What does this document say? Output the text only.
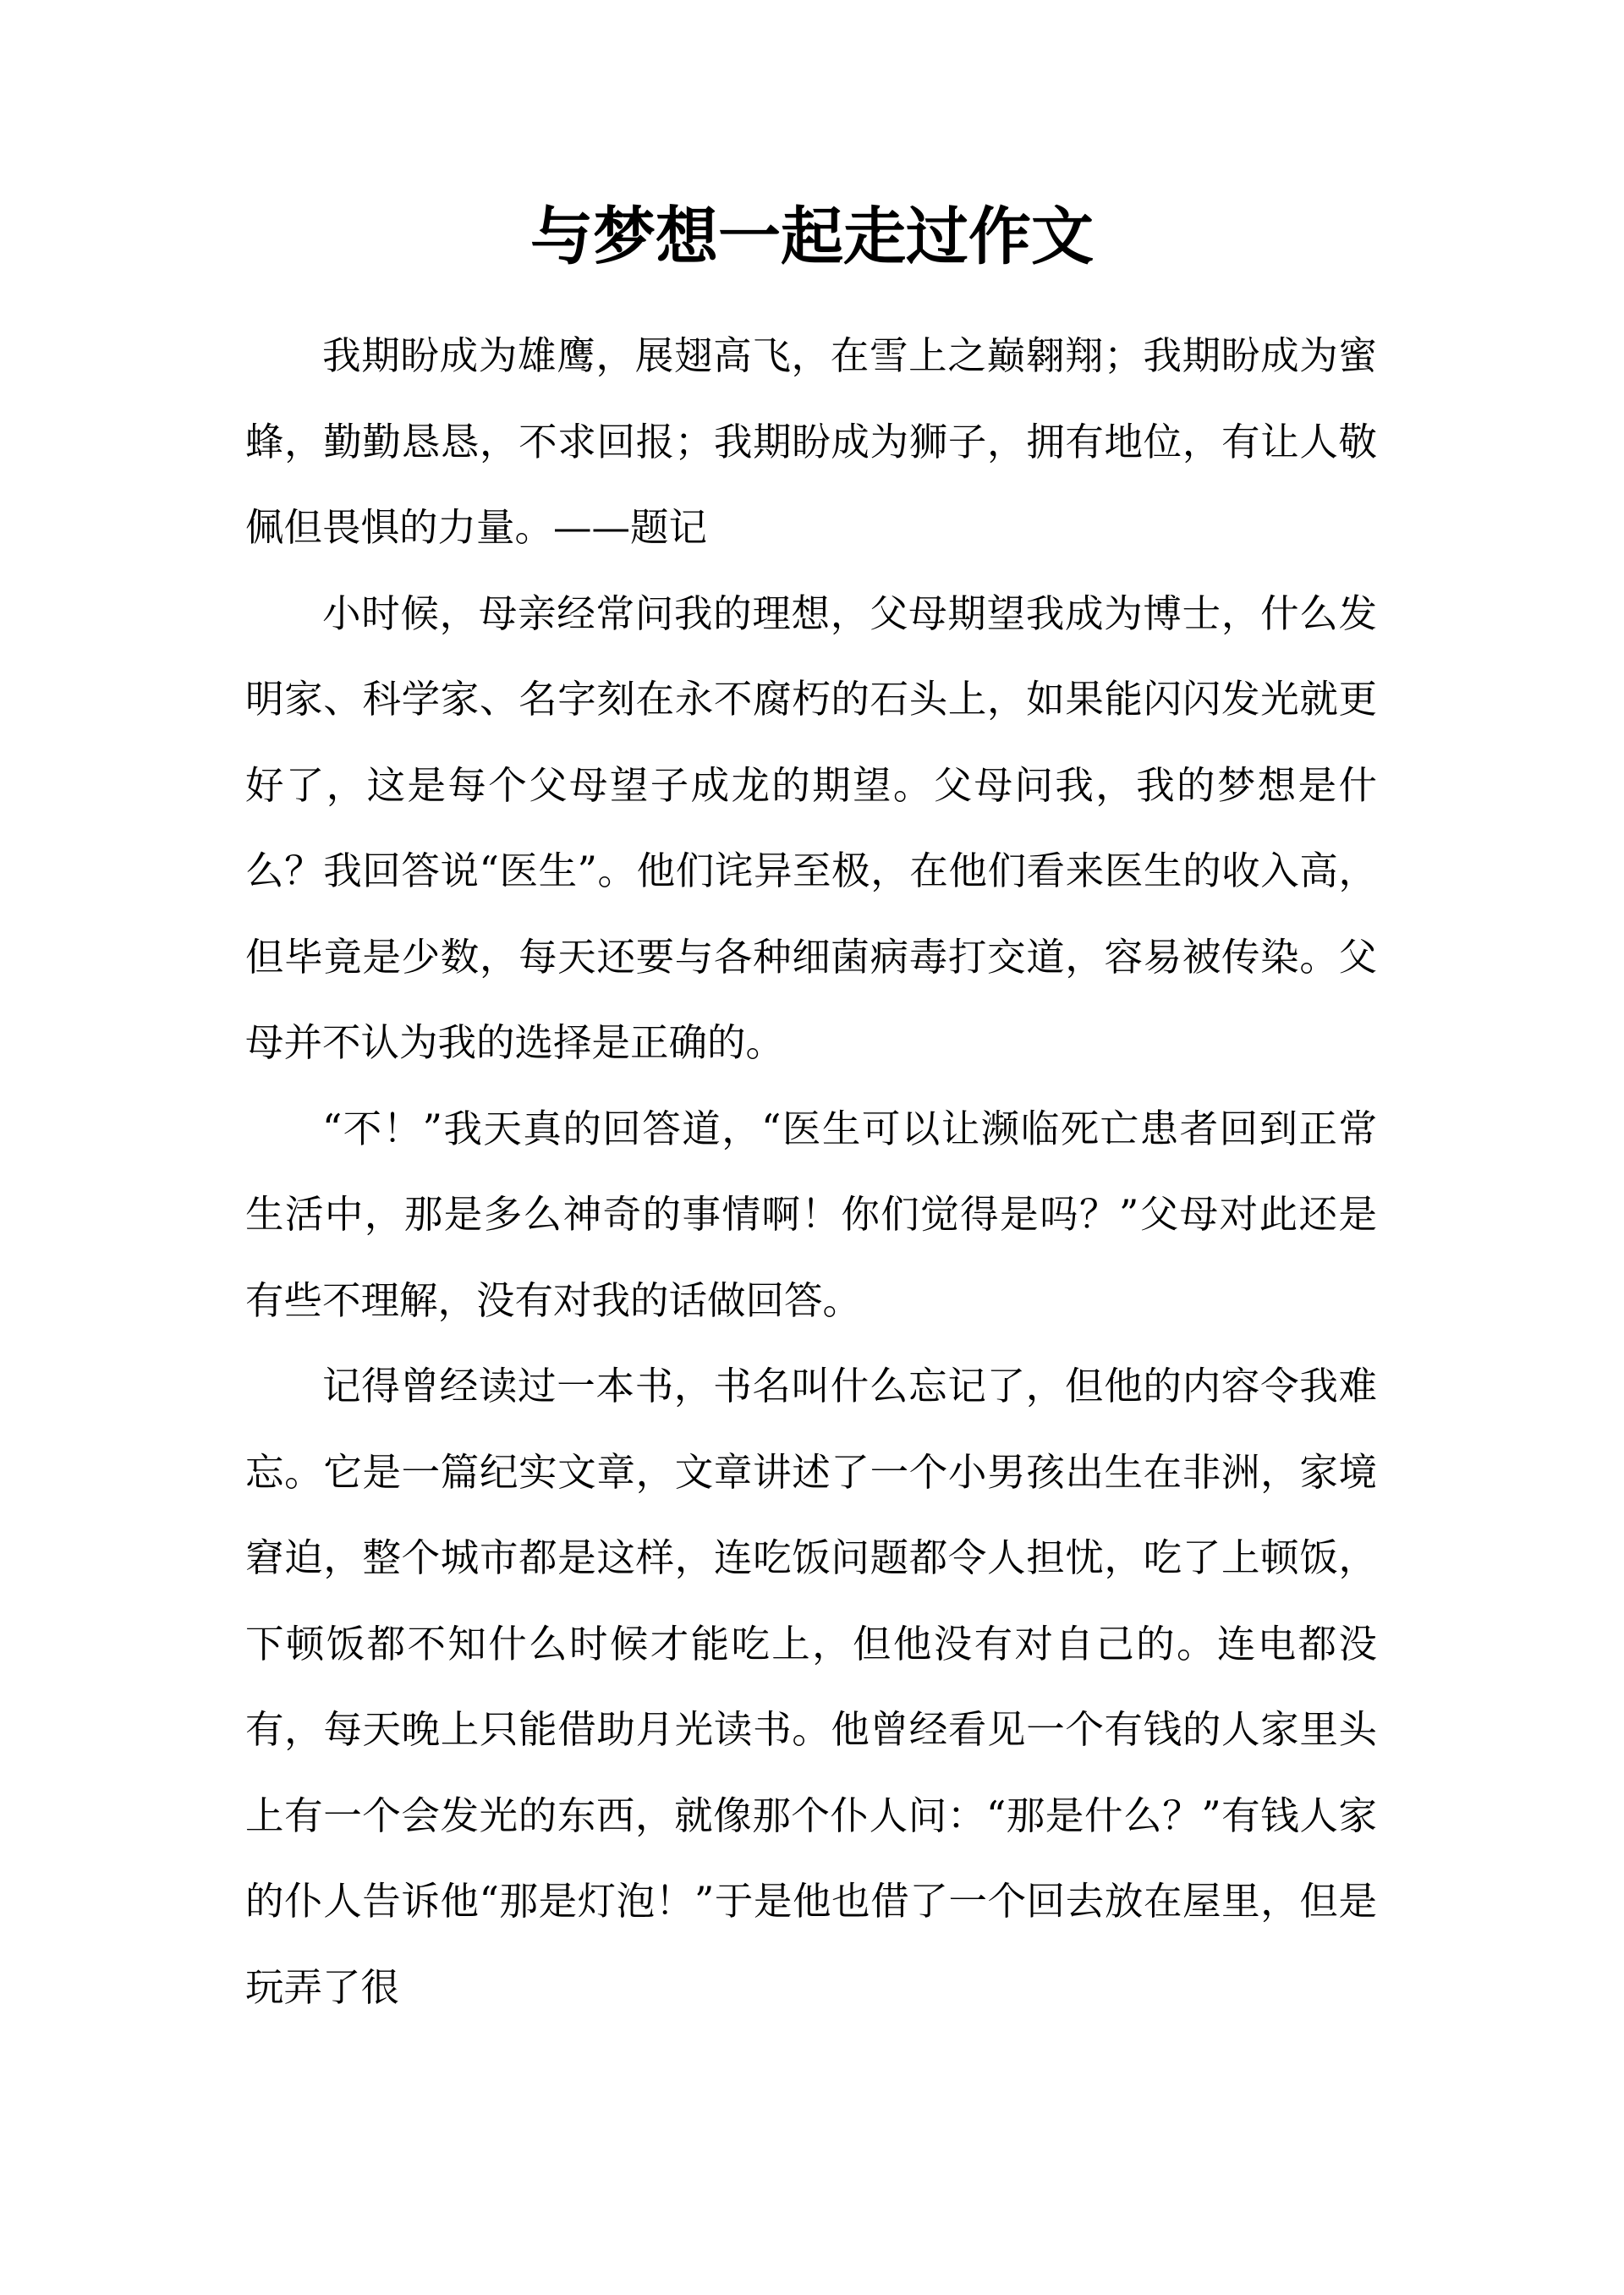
与梦想一起走过作文

我期盼成为雄鹰，展翅高飞，在雪上之巅翱翔；我期盼成为蜜蜂，勤勤恳恳，不求回报；我期盼成为狮子，拥有地位，有让人敬佩但畏惧的力量。——题记

小时候，母亲经常问我的理想，父母期望我成为博士，什么发明家、科学家、名字刻在永不腐朽的石头上，如果能闪闪发光就更好了，这是每个父母望子成龙的期望。父母问我，我的梦想是什么？我回答说“医生”。他们诧异至极，在他们看来医生的收入高，但毕竟是少数，每天还要与各种细菌病毒打交道，容易被传染。父母并不认为我的选择是正确的。

“不！”我天真的回答道，“医生可以让濒临死亡患者回到正常生活中，那是多么神奇的事情啊！你们觉得是吗？”父母对此还是有些不理解，没有对我的话做回答。

记得曾经读过一本书，书名叫什么忘记了，但他的内容令我难忘。它是一篇纪实文章，文章讲述了一个小男孩出生在非洲，家境窘迫，整个城市都是这样，连吃饭问题都令人担忧，吃了上顿饭，下顿饭都不知什么时候才能吃上，但他没有对自己的。连电都没有，每天晚上只能借助月光读书。他曾经看见一个有钱的人家里头上有一个会发光的东西，就像那个仆人问：“那是什么？”有钱人家的仆人告诉他“那是灯泡！”于是他也借了一个回去放在屋里，但是玩弄了很
